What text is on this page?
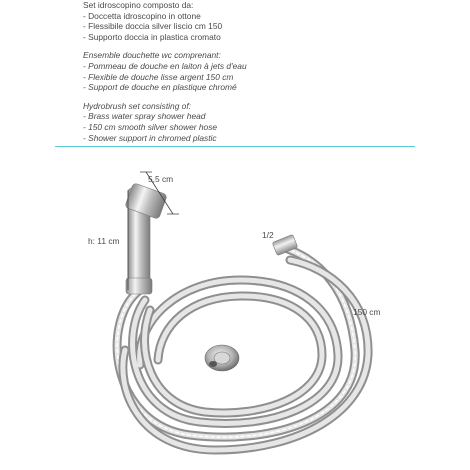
Set idroscopino composto da:
- Doccetta idroscopino in ottone
- Flessibile doccia silver liscio cm 150
- Supporto doccia in plastica cromato
Ensemble douchette wc comprenant:
- Pommeau de douche en laiton à jets d'eau
- Flexible de douche lisse argent 150 cm
- Support de douche en plastique chromé
Hydrobrush set consisting of:
- Brass water spray shower head
- 150 cm smooth silver shower hose
- Shower support in chromed plastic
5,5 cm
h: 11 cm
1/2
150 cm
